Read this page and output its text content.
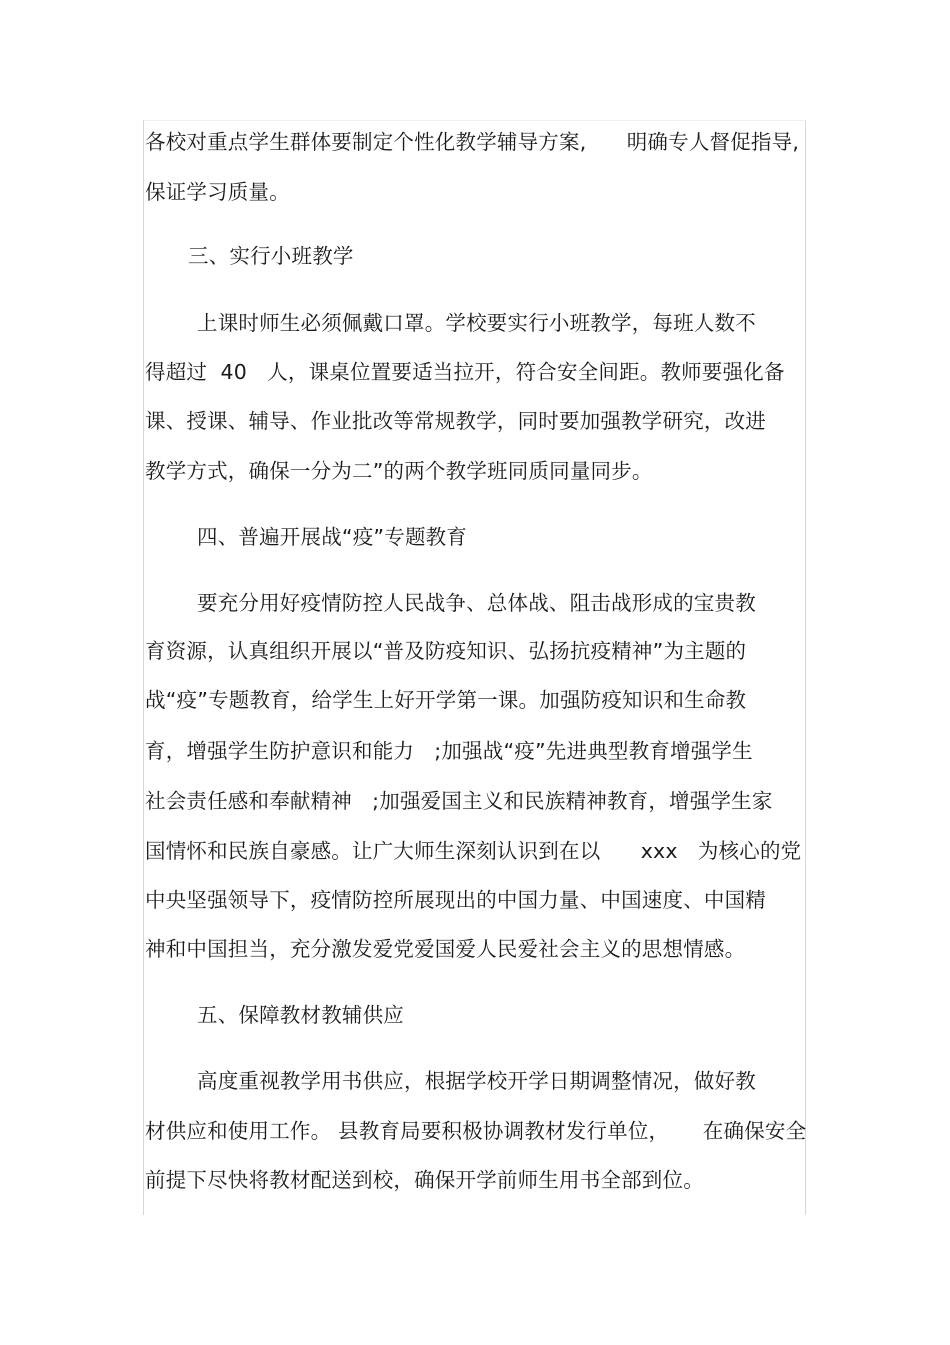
各校对重点学生群体要制定个性化教学辅导方案,      明确专人督促指导,
保证学习质量。
三、实行小班教学
上课时师生必须佩戴口罩。学校要实行小班教学，每班人数不
得超过  40   人，课桌位置要适当拉开，符合安全间距。教师要强化备
课、授课、辅导、作业批改等常规教学，同时要加强教学研究，改进
教学方式，确保一分为二”的两个教学班同质同量同步。
四、普遍开展战“疫”专题教育
要充分用好疫情防控人民战争、总体战、阻击战形成的宝贵教
育资源，认真组织开展以“普及防疫知识、弘扬抗疫精神”为主题的
战“疫”专题教育，给学生上好开学第一课。加强防疫知识和生命教
育，增强学生防护意识和能力   ;加强战“疫”先进典型教育增强学生
社会责任感和奉献精神   ;加强爱国主义和民族精神教育，增强学生家
国情怀和民族自豪感。让广大师生深刻认识到在以      xxx   为核心的党
中央坚强领导下，疫情防控所展现出的中国力量、中国速度、中国精
神和中国担当，充分激发爱党爱国爱人民爱社会主义的思想情感。
五、保障教材教辅供应
高度重视教学用书供应，根据学校开学日期调整情况，做好教
材供应和使用工作。 县教育局要积极协调教材发行单位，     在确保安全
前提下尽快将教材配送到校，确保开学前师生用书全部到位。
